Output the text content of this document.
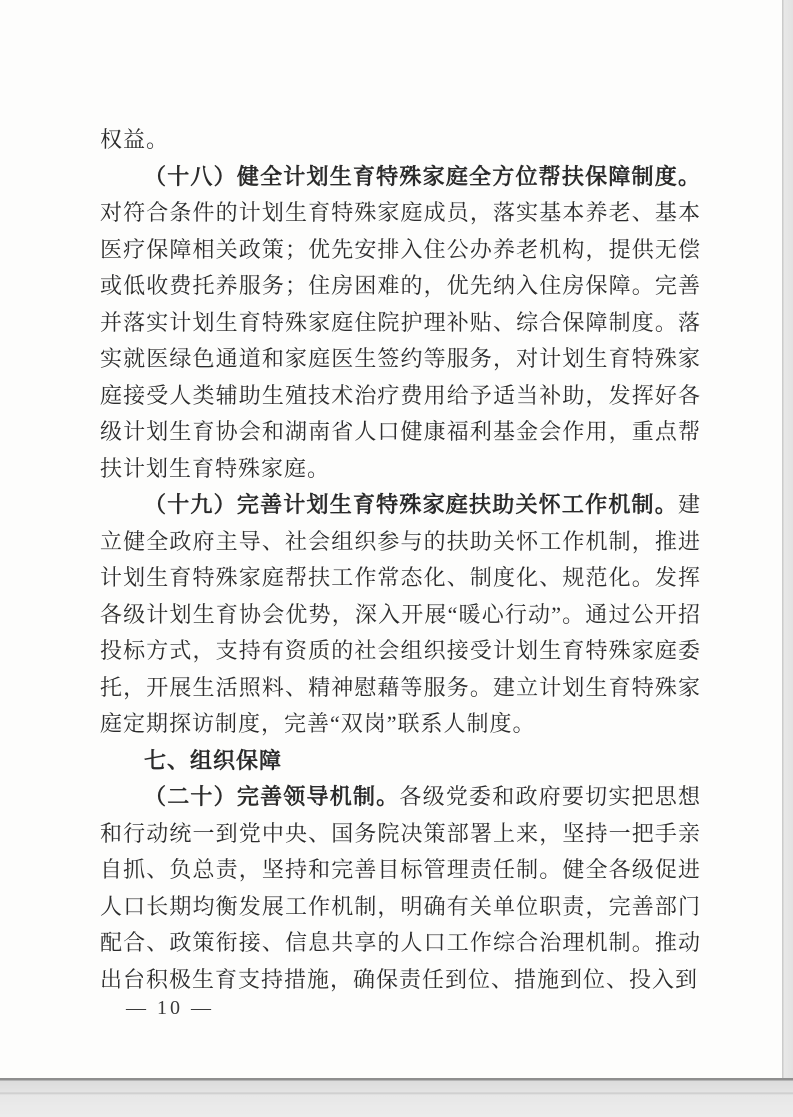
权益。

（十八）健全计划生育特殊家庭全方位帮扶保障制度。对符合条件的计划生育特殊家庭成员，落实基本养老、基本医疗保障相关政策；优先安排入住公办养老机构，提供无偿或低收费托养服务；住房困难的，优先纳入住房保障。完善并落实计划生育特殊家庭住院护理补贴、综合保障制度。落实就医绿色通道和家庭医生签约等服务，对计划生育特殊家庭接受人类辅助生殖技术治疗费用给予适当补助，发挥好各级计划生育协会和湖南省人口健康福利基金会作用，重点帮扶计划生育特殊家庭。

（十九）完善计划生育特殊家庭扶助关怀工作机制。建立健全政府主导、社会组织参与的扶助关怀工作机制，推进计划生育特殊家庭帮扶工作常态化、制度化、规范化。发挥各级计划生育协会优势，深入开展“暖心行动”。通过公开招投标方式，支持有资质的社会组织接受计划生育特殊家庭委托，开展生活照料、精神慰藉等服务。建立计划生育特殊家庭定期探访制度，完善“双岗”联系人制度。

七、组织保障

（二十）完善领导机制。各级党委和政府要切实把思想和行动统一到党中央、国务院决策部署上来，坚持一把手亲自抓、负总责，坚持和完善目标管理责任制。健全各级促进人口长期均衡发展工作机制，明确有关单位职责，完善部门配合、政策衔接、信息共享的人口工作综合治理机制。推动出台积极生育支持措施，确保责任到位、措施到位、投入到

— 10 —
